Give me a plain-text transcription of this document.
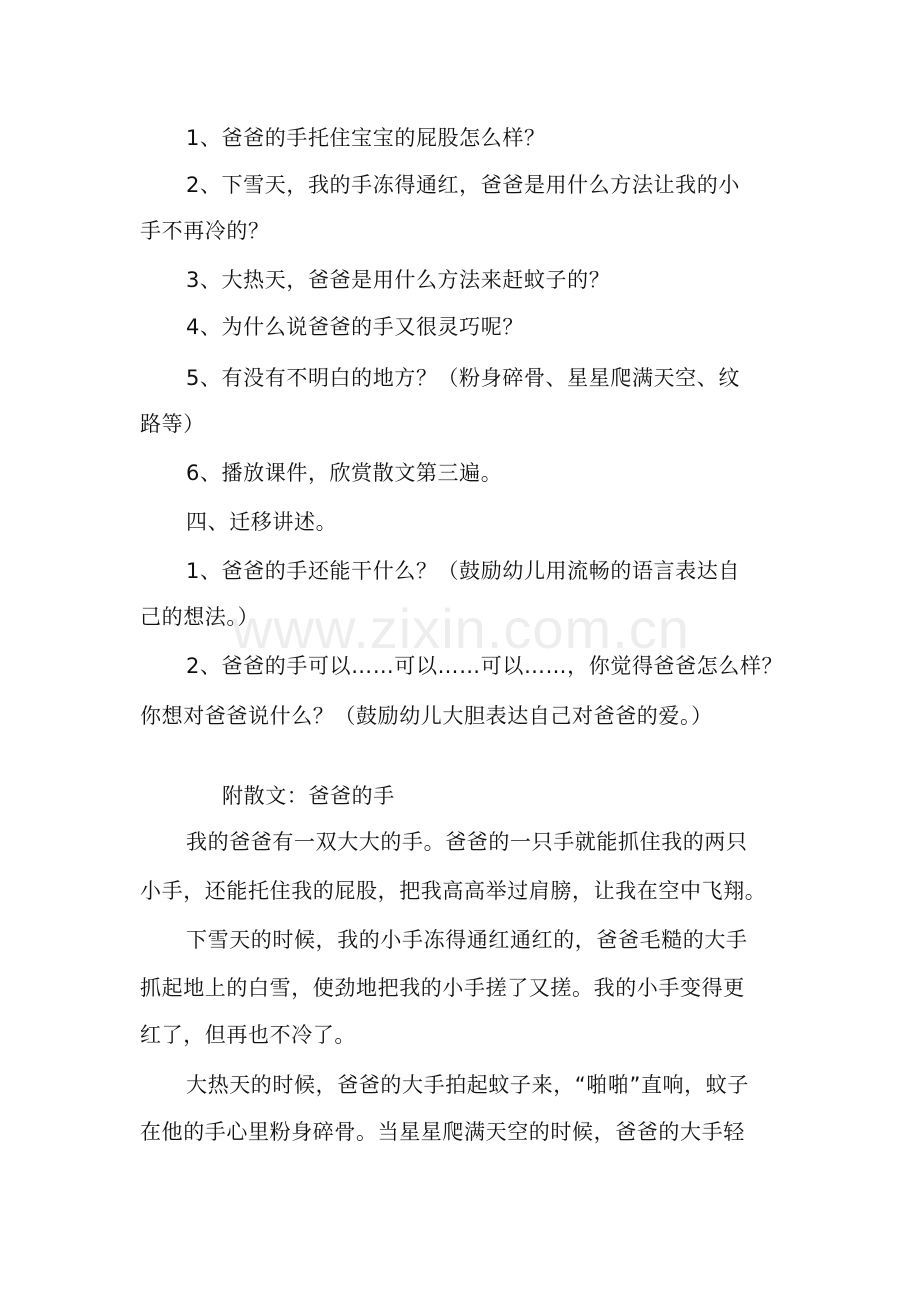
1、爸爸的手托住宝宝的屁股怎么样？
2、下雪天，我的手冻得通红，爸爸是用什么方法让我的小
手不再冷的？
3、大热天，爸爸是用什么方法来赶蚊子的？
4、为什么说爸爸的手又很灵巧呢？
5、有没有不明白的地方？（粉身碎骨、星星爬满天空、纹
路等）
6、播放课件，欣赏散文第三遍。
四、迁移讲述。
1、爸爸的手还能干什么？（鼓励幼儿用流畅的语言表达自
己的想法。）
2、爸爸的手可以……可以……可以……，你觉得爸爸怎么样？
你想对爸爸说什么？（鼓励幼儿大胆表达自己对爸爸的爱。）
附散文：爸爸的手
我的爸爸有一双大大的手。爸爸的一只手就能抓住我的两只
小手，还能托住我的屁股，把我高高举过肩膀，让我在空中飞翔。
下雪天的时候，我的小手冻得通红通红的，爸爸毛糙的大手
抓起地上的白雪，使劲地把我的小手搓了又搓。我的小手变得更
红了，但再也不冷了。
大热天的时候，爸爸的大手拍起蚊子来，“啪啪”直响，蚊子
在他的手心里粉身碎骨。当星星爬满天空的时候，爸爸的大手轻
www.zixin.com.cn
